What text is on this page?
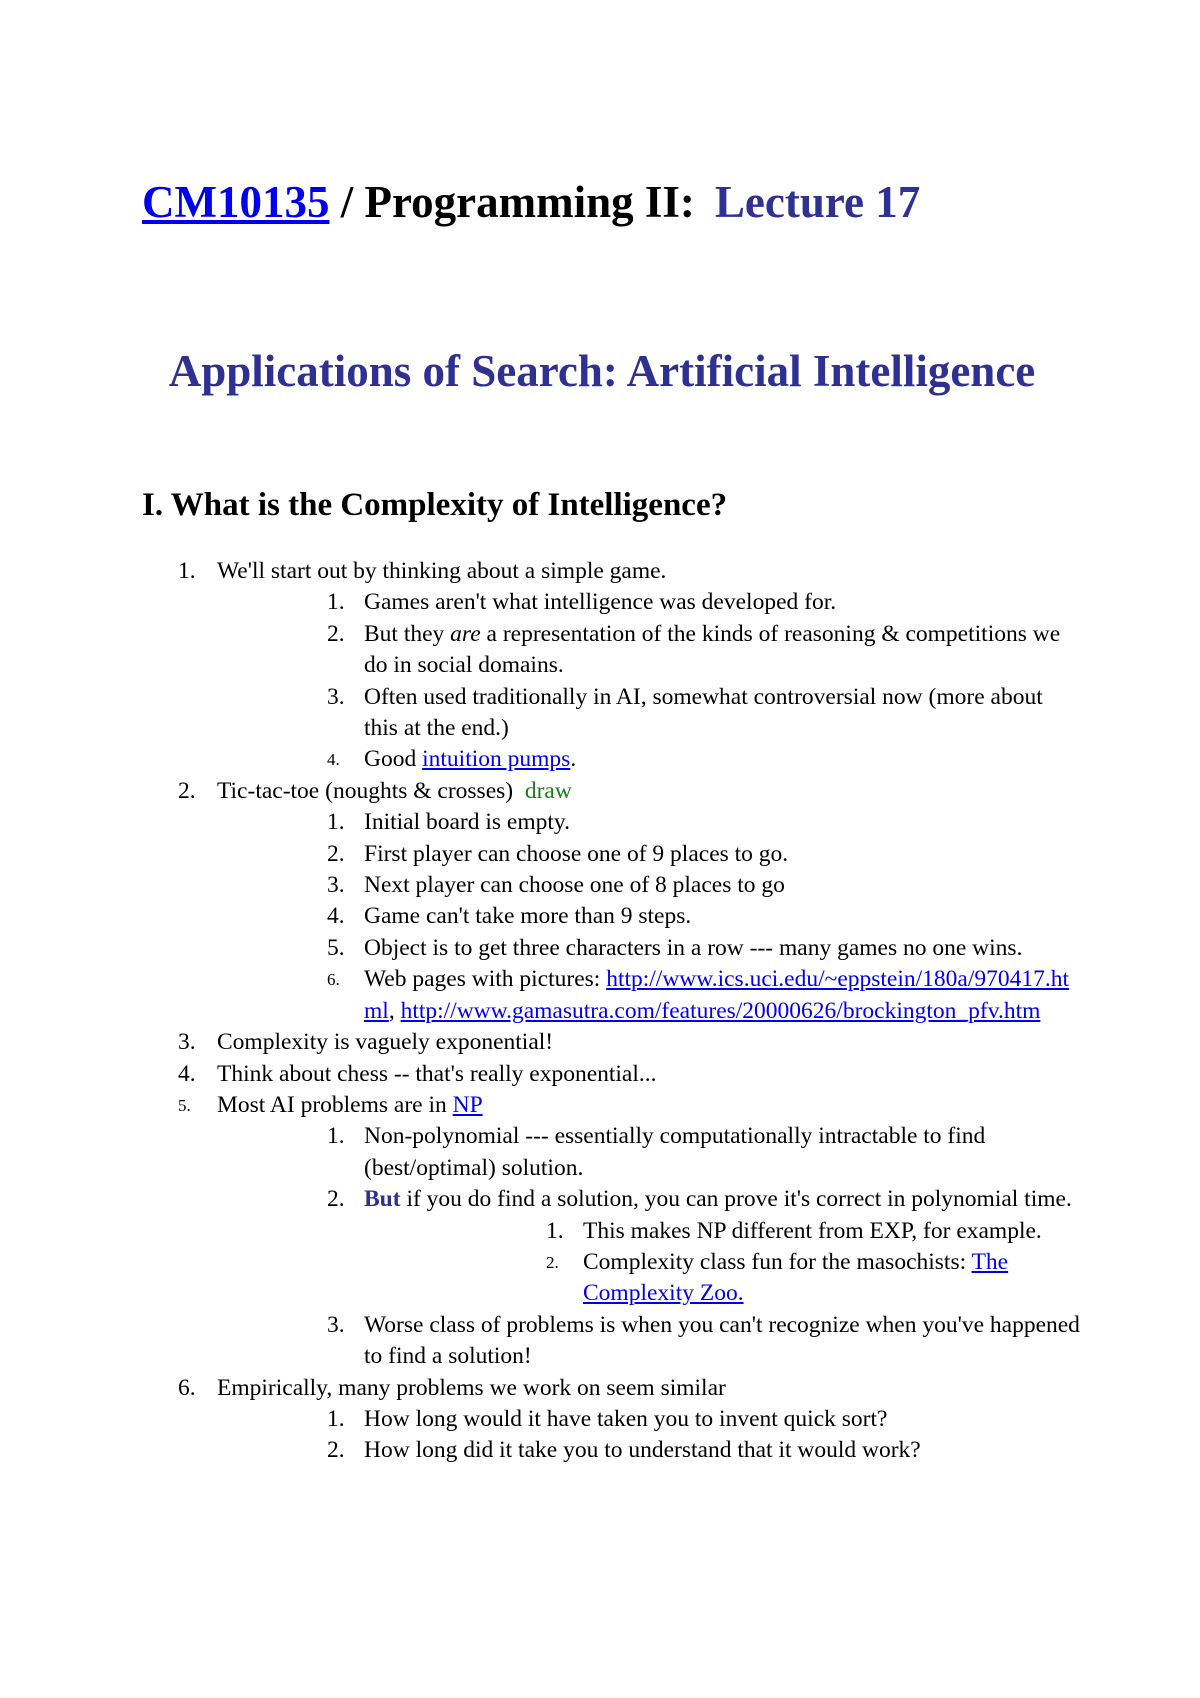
CM10135 / Programming II: Lecture 17
Applications of Search: Artificial Intelligence
I. What is the Complexity of Intelligence?
1. We'll start out by thinking about a simple game.
1. Games aren't what intelligence was developed for.
2. But they are a representation of the kinds of reasoning & competitions we do in social domains.
3. Often used traditionally in AI, somewhat controversial now (more about this at the end.)
4. Good intuition pumps.
2. Tic-tac-toe (noughts & crosses) draw
1. Initial board is empty.
2. First player can choose one of 9 places to go.
3. Next player can choose one of 8 places to go
4. Game can't take more than 9 steps.
5. Object is to get three characters in a row --- many games no one wins.
6. Web pages with pictures: http://www.ics.uci.edu/~eppstein/180a/970417.html, http://www.gamasutra.com/features/20000626/brockington_pfv.htm
3. Complexity is vaguely exponential!
4. Think about chess -- that's really exponential...
5. Most AI problems are in NP
1. Non-polynomial --- essentially computationally intractable to find (best/optimal) solution.
2. But if you do find a solution, you can prove it's correct in polynomial time.
1. This makes NP different from EXP, for example.
2. Complexity class fun for the masochists: The Complexity Zoo.
3. Worse class of problems is when you can't recognize when you've happened to find a solution!
6. Empirically, many problems we work on seem similar
1. How long would it have taken you to invent quick sort?
2. How long did it take you to understand that it would work?
